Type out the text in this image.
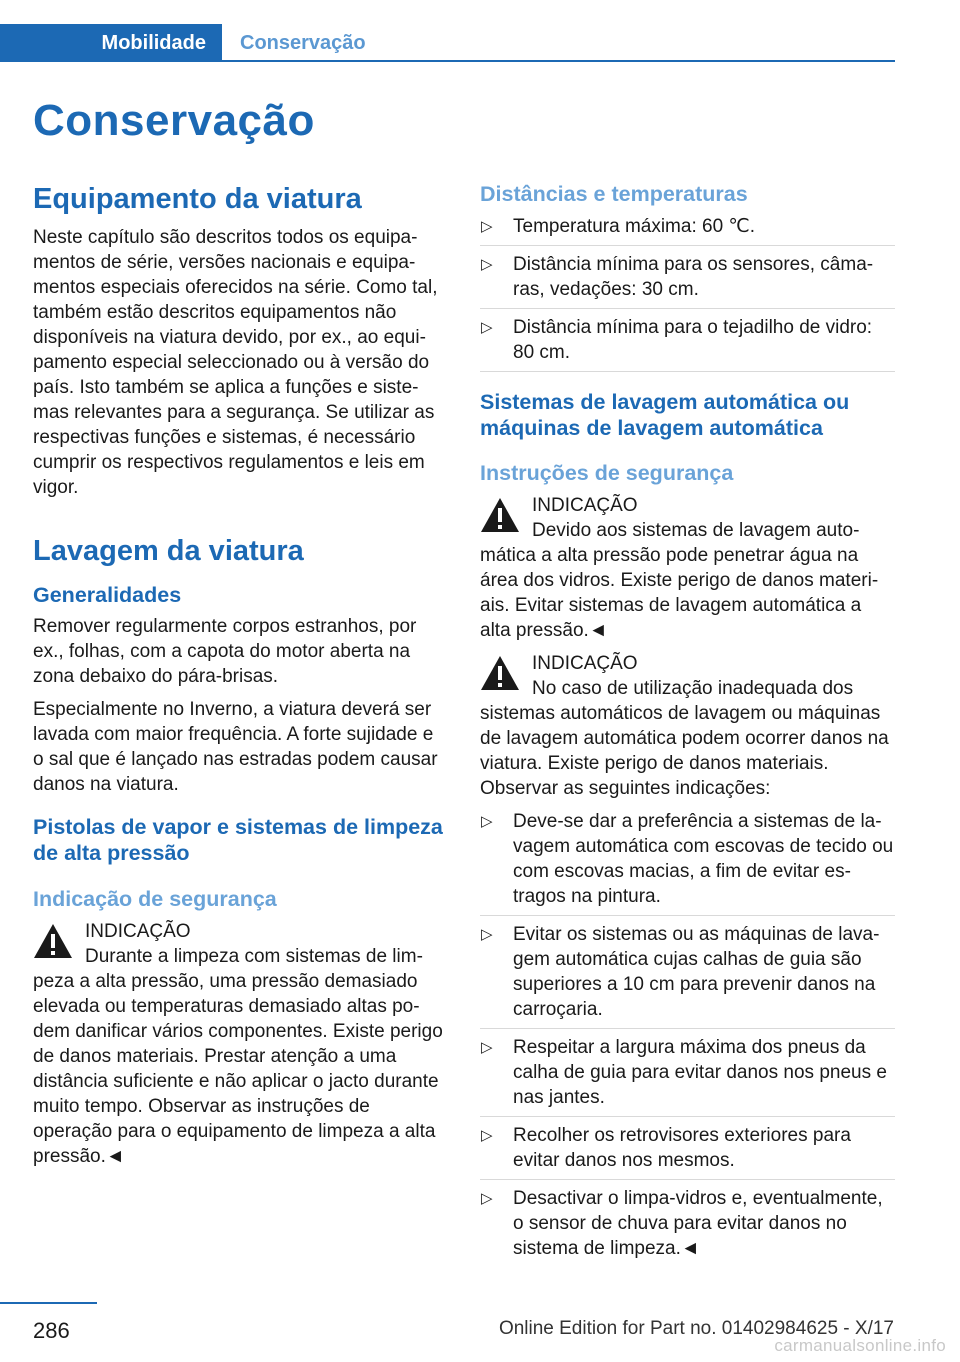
Mobilidade	Conservação
Conservação
Equipamento da viatura

Neste capítulo são descritos todos os equipamentos de série, versões nacionais e equipamentos especiais oferecidos na série. Como tal, também estão descritos equipamentos não disponíveis na viatura devido, por ex., ao equipamento especial seleccionado ou à versão do país. Isto também se aplica a funções e sistemas relevantes para a segurança. Se utilizar as respectivas funções e sistemas, é necessário cumprir os respectivos regulamentos e leis em vigor.

Lavagem da viatura
Generalidades

Remover regularmente corpos estranhos, por ex., folhas, com a capota do motor aberta na zona debaixo do pára-brisas.

Especialmente no Inverno, a viatura deverá ser lavada com maior frequência. A forte sujidade e o sal que é lançado nas estradas podem causar danos na viatura.

Pistolas de vapor e sistemas de limpeza de alta pressão
Indicação de segurança
INDICAÇÃO
Durante a limpeza com sistemas de limpeza a alta pressão, uma pressão demasiado elevada ou temperaturas demasiado altas podem danificar vários componentes. Existe perigo de danos materiais. Prestar atenção a uma distância suficiente e não aplicar o jacto durante muito tempo. Observar as instruções de operação para o equipamento de limpeza a alta pressão.◄
Distâncias e temperaturas
▷ Temperatura máxima: 60 ℃.
▷ Distância mínima para os sensores, câmaras, vedações: 30 cm.
▷ Distância mínima para o tejadilho de vidro: 80 cm.
Sistemas de lavagem automática ou máquinas de lavagem automática
Instruções de segurança
INDICAÇÃO
Devido aos sistemas de lavagem automática a alta pressão pode penetrar água na área dos vidros. Existe perigo de danos materiais. Evitar sistemas de lavagem automática a alta pressão.◄
INDICAÇÃO
No caso de utilização inadequada dos sistemas automáticos de lavagem ou máquinas de lavagem automática podem ocorrer danos na viatura. Existe perigo de danos materiais. Observar as seguintes indicações:
▷ Deve-se dar a preferência a sistemas de lavagem automática com escovas de tecido ou com escovas macias, a fim de evitar estragos na pintura.
▷ Evitar os sistemas ou as máquinas de lavagem automática cujas calhas de guia são superiores a 10 cm para prevenir danos na carroçaria.
▷ Respeitar a largura máxima dos pneus da calha de guia para evitar danos nos pneus e nas jantes.
▷ Recolher os retrovisores exteriores para evitar danos nos mesmos.
▷ Desactivar o limpa-vidros e, eventualmente, o sensor de chuva para evitar danos no sistema de limpeza.◄
286	Online Edition for Part no. 01402984625 - X/17
carmanualsonline.info
